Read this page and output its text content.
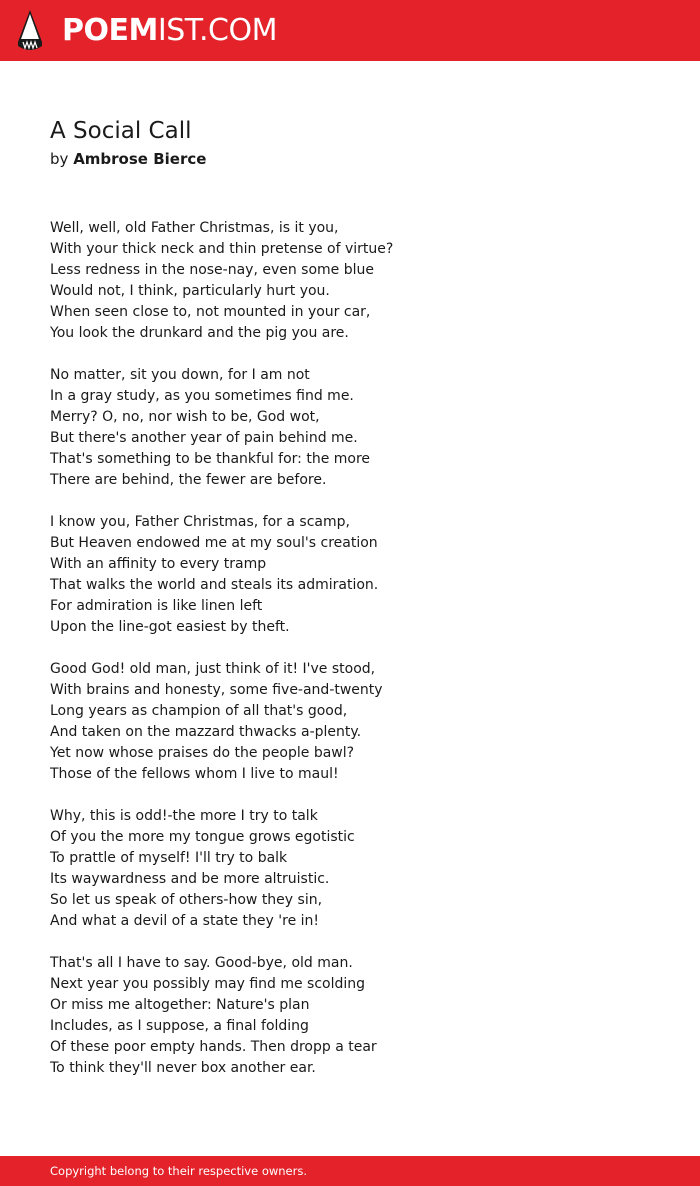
POEMIST.COM
A Social Call
by Ambrose Bierce
Well, well, old Father Christmas, is it you,
With your thick neck and thin pretense of virtue?
Less redness in the nose-nay, even some blue
Would not, I think, particularly hurt you.
When seen close to, not mounted in your car,
You look the drunkard and the pig you are.
No matter, sit you down, for I am not
In a gray study, as you sometimes find me.
Merry? O, no, nor wish to be, God wot,
But there's another year of pain behind me.
That's something to be thankful for: the more
There are behind, the fewer are before.
I know you, Father Christmas, for a scamp,
But Heaven endowed me at my soul's creation
With an affinity to every tramp
That walks the world and steals its admiration.
For admiration is like linen left
Upon the line-got easiest by theft.
Good God! old man, just think of it! I've stood,
With brains and honesty, some five-and-twenty
Long years as champion of all that's good,
And taken on the mazzard thwacks a-plenty.
Yet now whose praises do the people bawl?
Those of the fellows whom I live to maul!
Why, this is odd!-the more I try to talk
Of you the more my tongue grows egotistic
To prattle of myself! I'll try to balk
Its waywardness and be more altruistic.
So let us speak of others-how they sin,
And what a devil of a state they 're in!
That's all I have to say. Good-bye, old man.
Next year you possibly may find me scolding
Or miss me altogether: Nature's plan
Includes, as I suppose, a final folding
Of these poor empty hands. Then dropp a tear
To think they'll never box another ear.
Copyright belong to their respective owners.
